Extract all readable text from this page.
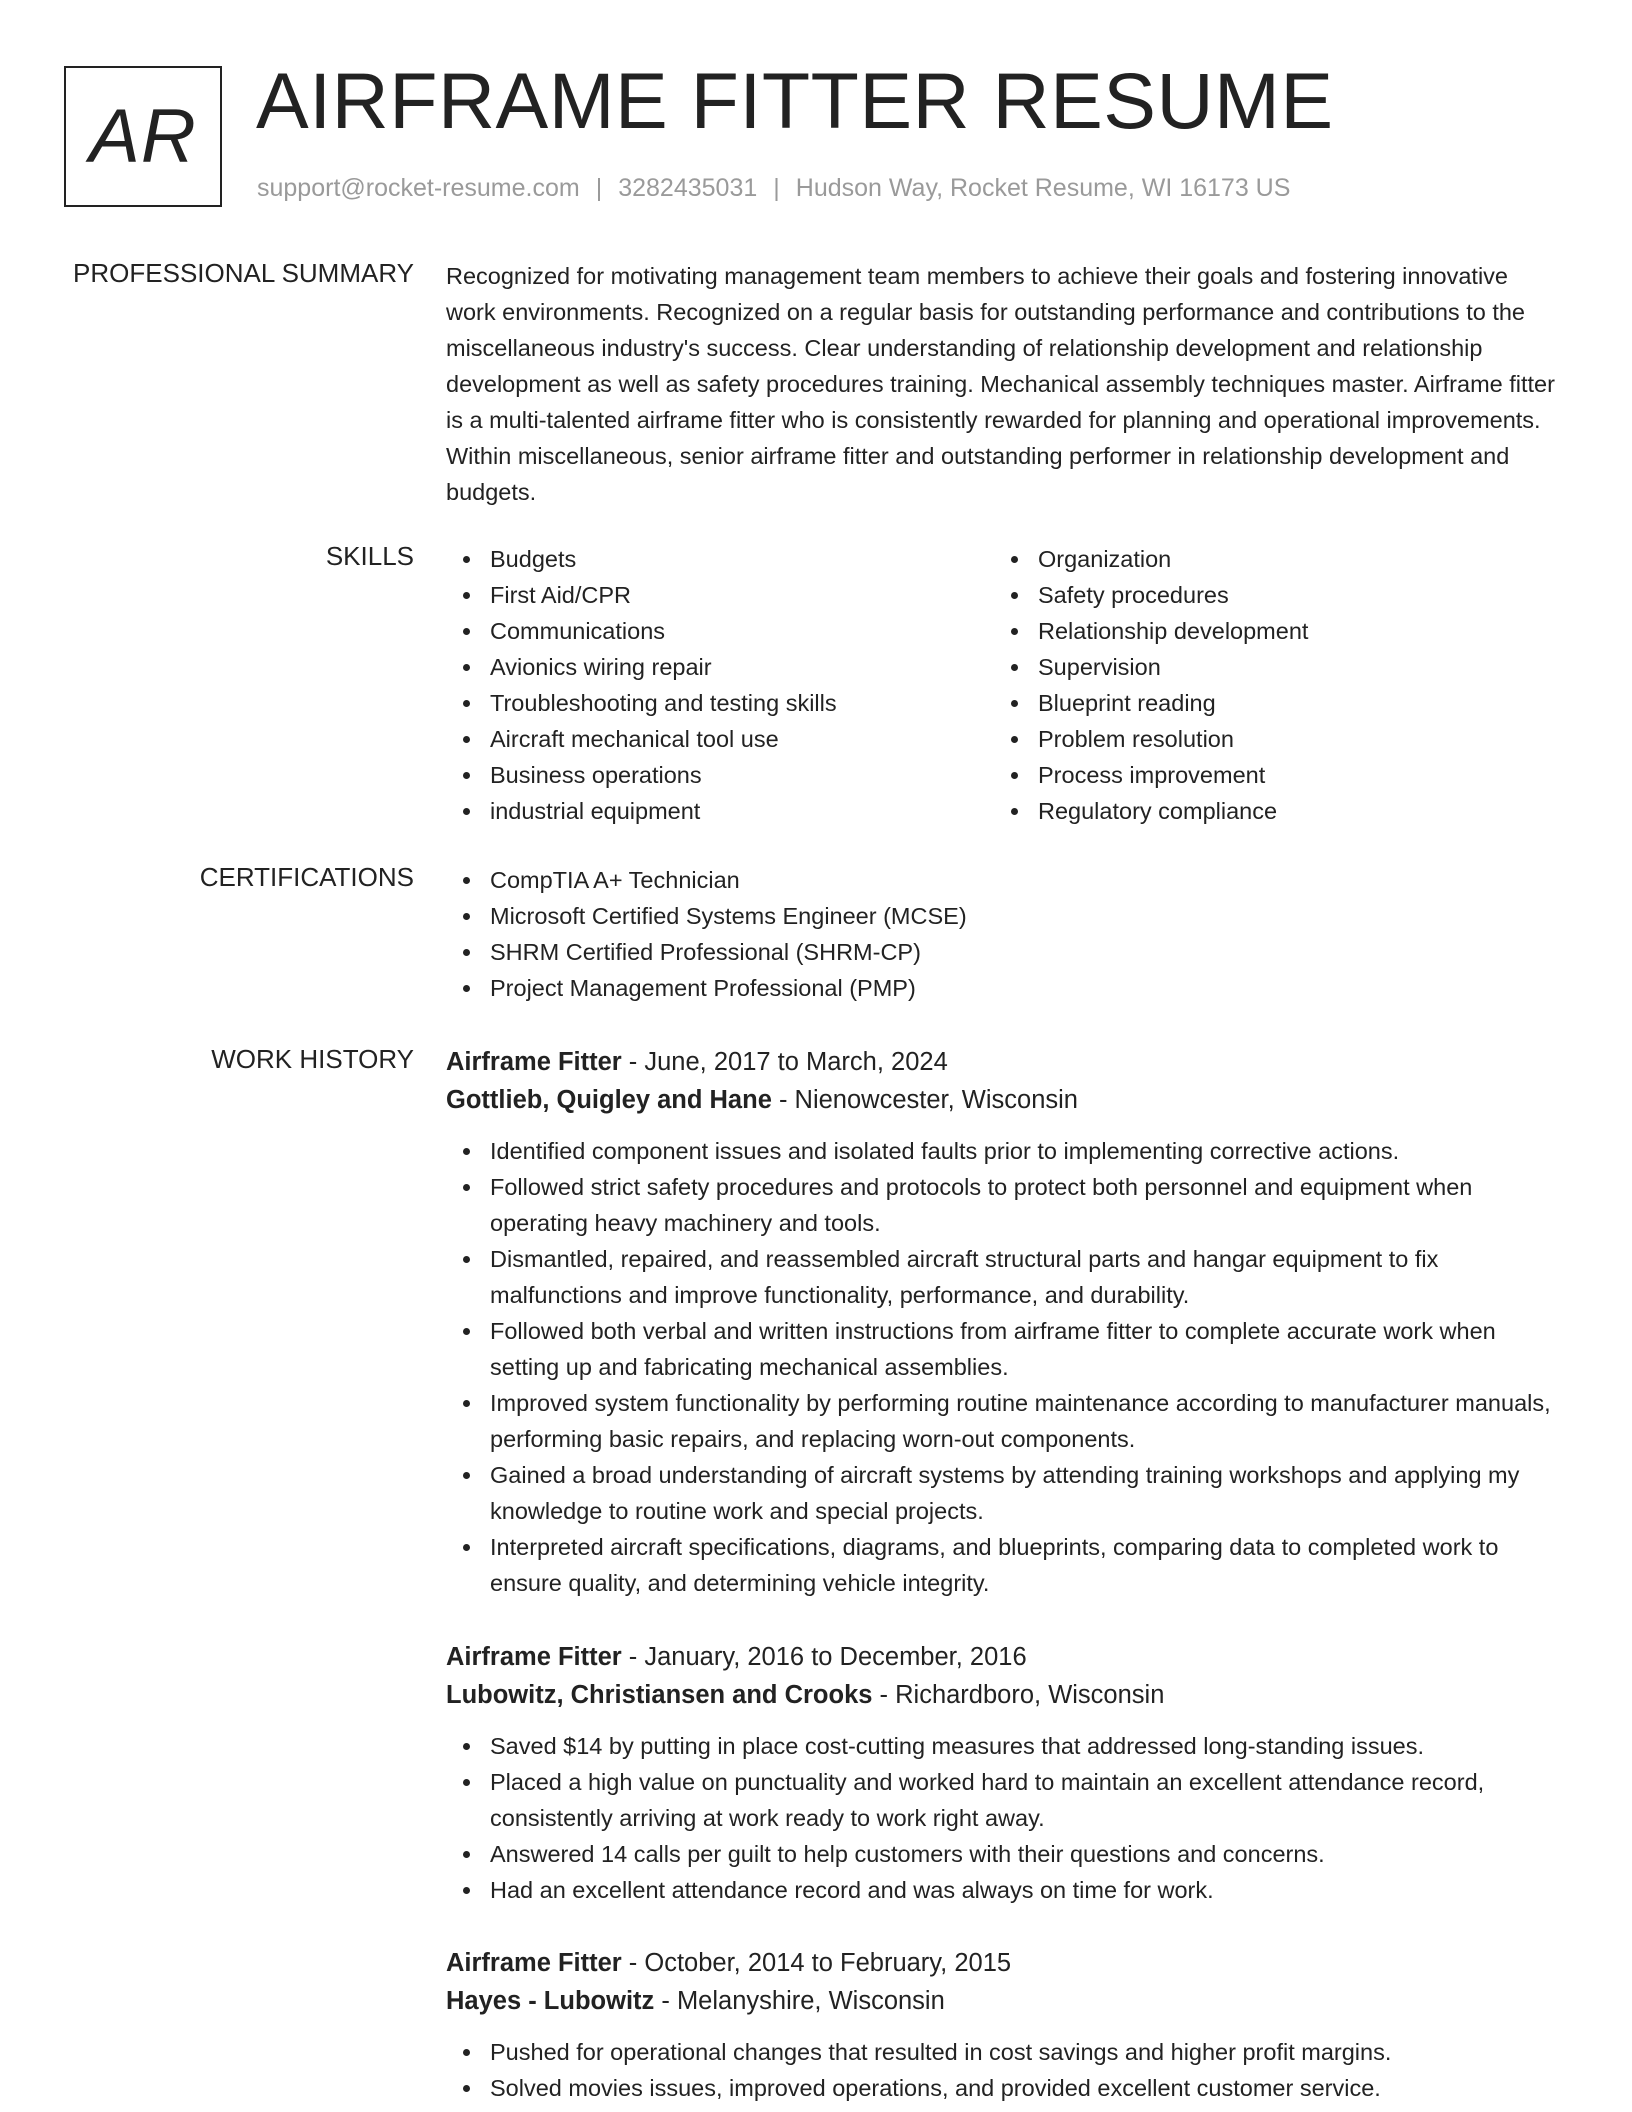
AR AIRFRAME FITTER RESUME
support@rocket-resume.com | 3282435031 | Hudson Way, Rocket Resume, WI 16173 US
PROFESSIONAL SUMMARY Recognized for motivating management team members to achieve their goals and fostering innovative work environments. Recognized on a regular basis for outstanding performance and contributions to the miscellaneous industry's success. Clear understanding of relationship development and relationship development as well as safety procedures training. Mechanical assembly techniques master. Airframe fitter is a multi-talented airframe fitter who is consistently rewarded for planning and operational improvements. Within miscellaneous, senior airframe fitter and outstanding performer in relationship development and budgets.

SKILLS	Budgets
First Aid/CPR
Communications
Avionics wiring repair
Troubleshooting and testing skills
Aircraft mechanical tool use
Business operations
industrial equipment
Organization
Safety procedures
Relationship development
Supervision
Blueprint reading
Problem resolution
Process improvement
Regulatory compliance
CERTIFICATIONS	CompTIA A+ Technician
Microsoft Certified Systems Engineer (MCSE)
SHRM Certified Professional (SHRM-CP)
Project Management Professional (PMP)
WORK HISTORY Airframe Fitter - June, 2017 to March, 2024
Gottlieb, Quigley and Hane - Nienowcester, Wisconsin
Identified component issues and isolated faults prior to implementing corrective actions.
Followed strict safety procedures and protocols to protect both personnel and equipment when operating heavy machinery and tools.
Dismantled, repaired, and reassembled aircraft structural parts and hangar equipment to fix malfunctions and improve functionality, performance, and durability.
Followed both verbal and written instructions from airframe fitter to complete accurate work when setting up and fabricating mechanical assemblies.
Improved system functionality by performing routine maintenance according to manufacturer manuals, performing basic repairs, and replacing worn-out components.
Gained a broad understanding of aircraft systems by attending training workshops and applying my knowledge to routine work and special projects.
Interpreted aircraft specifications, diagrams, and blueprints, comparing data to completed work to ensure quality, and determining vehicle integrity.
Airframe Fitter - January, 2016 to December, 2016
Lubowitz, Christiansen and Crooks - Richardboro, Wisconsin
Saved $14 by putting in place cost-cutting measures that addressed long-standing issues.
Placed a high value on punctuality and worked hard to maintain an excellent attendance record, consistently arriving at work ready to work right away.
Answered 14 calls per guilt to help customers with their questions and concerns.
Had an excellent attendance record and was always on time for work.
Airframe Fitter - October, 2014 to February, 2015
Hayes - Lubowitz - Melanyshire, Wisconsin
Pushed for operational changes that resulted in cost savings and higher profit margins.
Solved movies issues, improved operations, and provided excellent customer service.
